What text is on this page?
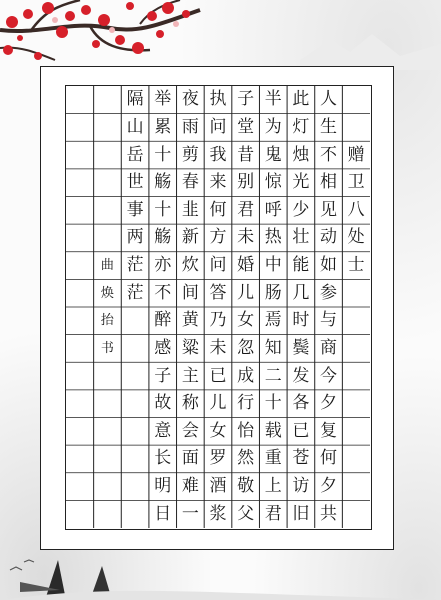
赠
卫
八
处
士
人
生
不
相
见
动
如
参
与
商
今
夕
复
何
夕
共
此
灯
烛
光
少
壮
能
几
时
鬓
发
各
已
苍
访
旧
半
为
鬼
惊
呼
热
中
肠
焉
知
二
十
载
重
上
君
子
堂
昔
别
君
未
婚
儿
女
忽
成
行
怡
然
敬
父
执
问
我
来
何
方
问
答
乃
未
已
儿
女
罗
酒
浆
夜
雨
剪
春
韭
新
炊
间
黄
粱
主
称
会
面
难
一
举
累
十
觞
十
觞
亦
不
醉
感
子
故
意
长
明
日
隔
山
岳
世
事
两
茫
茫
曲
焕
抬
书
